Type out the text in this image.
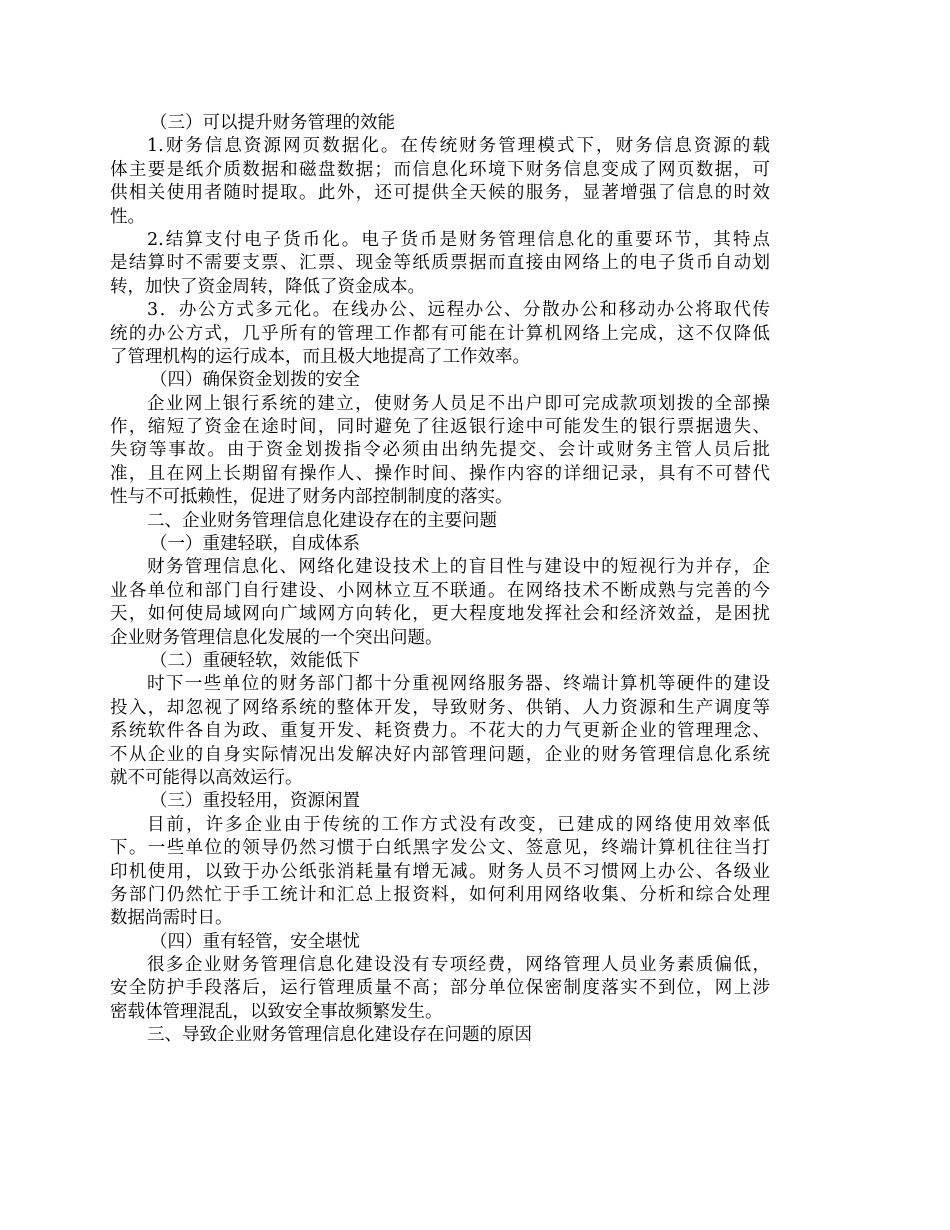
（三）可以提升财务管理的效能
1.财务信息资源网页数据化。在传统财务管理模式下，财务信息资源的载
体主要是纸介质数据和磁盘数据；而信息化环境下财务信息变成了网页数据，可
供相关使用者随时提取。此外，还可提供全天候的服务，显著增强了信息的时效
性。
2.结算支付电子货币化。电子货币是财务管理信息化的重要环节，其特点
是结算时不需要支票、汇票、现金等纸质票据而直接由网络上的电子货币自动划
转，加快了资金周转，降低了资金成本。
3．办公方式多元化。在线办公、远程办公、分散办公和移动办公将取代传
统的办公方式，几乎所有的管理工作都有可能在计算机网络上完成，这不仅降低
了管理机构的运行成本，而且极大地提高了工作效率。
（四）确保资金划拨的安全
企业网上银行系统的建立，使财务人员足不出户即可完成款项划拨的全部操
作，缩短了资金在途时间，同时避免了往返银行途中可能发生的银行票据遗失、
失窃等事故。由于资金划拨指令必须由出纳先提交、会计或财务主管人员后批
准，且在网上长期留有操作人、操作时间、操作内容的详细记录，具有不可替代
性与不可抵赖性，促进了财务内部控制制度的落实。
二、企业财务管理信息化建设存在的主要问题
（一）重建轻联，自成体系
财务管理信息化、网络化建设技术上的盲目性与建设中的短视行为并存，企
业各单位和部门自行建设、小网林立互不联通。在网络技术不断成熟与完善的今
天，如何使局域网向广域网方向转化，更大程度地发挥社会和经济效益，是困扰
企业财务管理信息化发展的一个突出问题。
（二）重硬轻软，效能低下
时下一些单位的财务部门都十分重视网络服务器、终端计算机等硬件的建设
投入，却忽视了网络系统的整体开发，导致财务、供销、人力资源和生产调度等
系统软件各自为政、重复开发、耗资费力。不花大的力气更新企业的管理理念、
不从企业的自身实际情况出发解决好内部管理问题，企业的财务管理信息化系统
就不可能得以高效运行。
（三）重投轻用，资源闲置
目前，许多企业由于传统的工作方式没有改变，已建成的网络使用效率低
下。一些单位的领导仍然习惯于白纸黑字发公文、签意见，终端计算机往往当打
印机使用，以致于办公纸张消耗量有增无减。财务人员不习惯网上办公、各级业
务部门仍然忙于手工统计和汇总上报资料，如何利用网络收集、分析和综合处理
数据尚需时日。
（四）重有轻管，安全堪忧
很多企业财务管理信息化建设没有专项经费，网络管理人员业务素质偏低，
安全防护手段落后，运行管理质量不高；部分单位保密制度落实不到位，网上涉
密载体管理混乱，以致安全事故频繁发生。
三、导致企业财务管理信息化建设存在问题的原因
